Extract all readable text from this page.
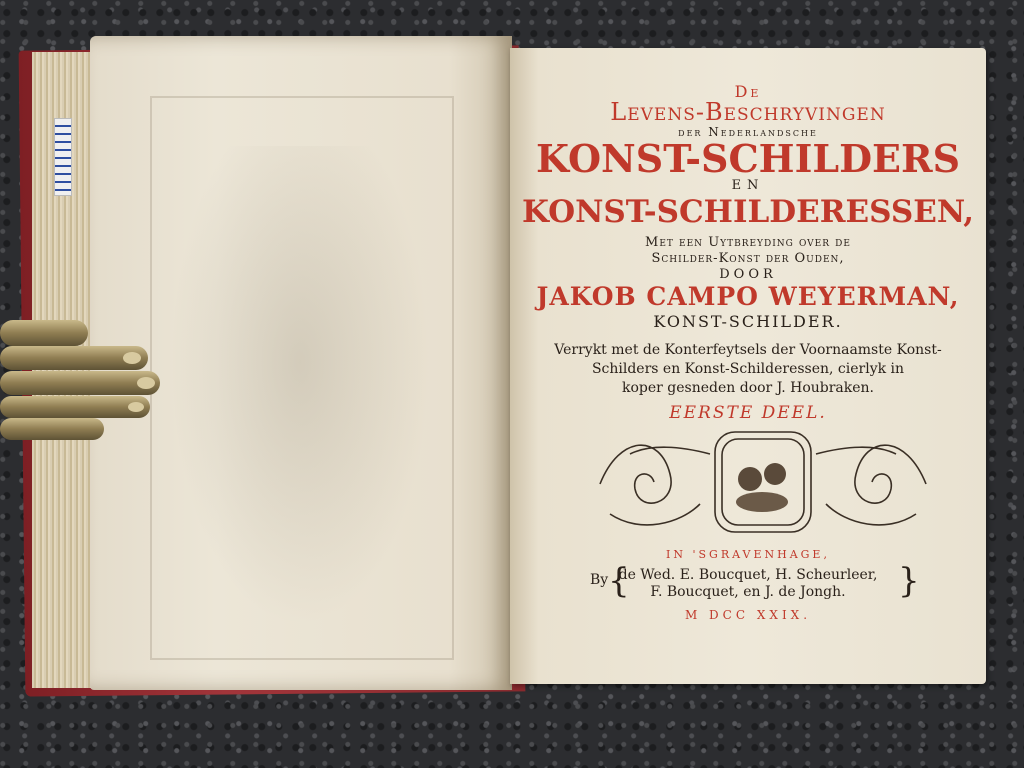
De
Levens-Beschryvingen
der Nederlandsche
KONST-SCHILDERS
EN
KONST-SCHILDERESSEN,
Met een Uytbreyding over de
Schilder-Konst der Ouden,
DOOR
JAKOB CAMPO WEYERMAN,
KONST-SCHILDER.
Verrykt met de Konterfeytsels der Voornaamste Konst-
Schilders en Konst-Schilderessen, cierlyk in
koper gesneden door J. Houbraken.
EERSTE DEEL.
IN 'SGRAVENHAGE,
By {	}
de Wed. E. Boucquet, H. Scheurleer,
F. Boucquet, en J. de Jongh.
M DCC XXIX.
